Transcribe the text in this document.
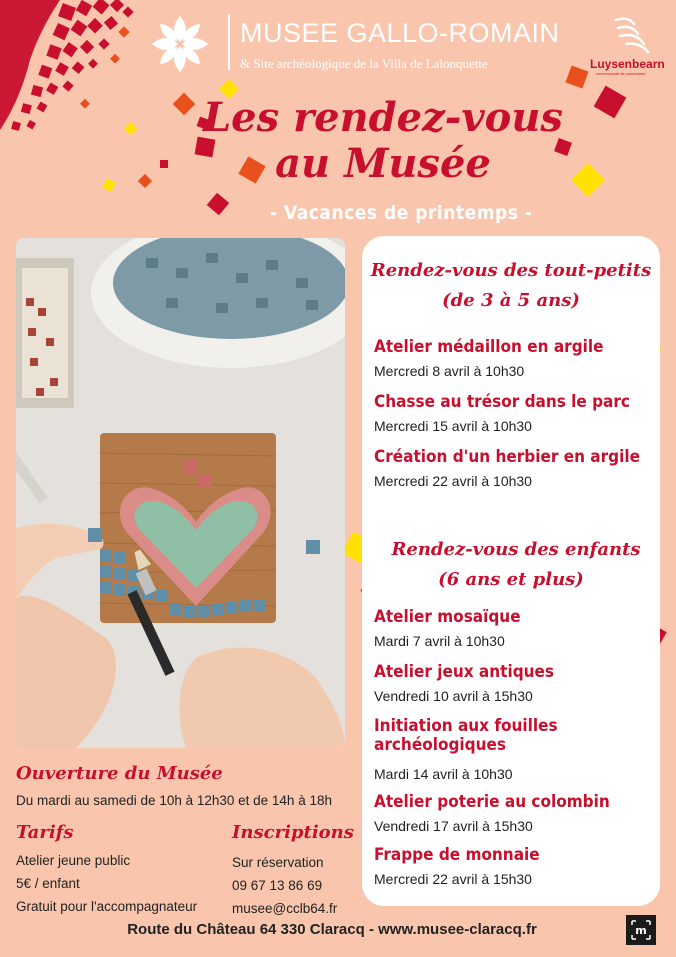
MUSEE GALLO-ROMAIN
& Site archéologique de la Villa de Lalonquette	Luysenbearn
communauté de communes
Les rendez-vous
au Musée
- Vacances de printemps -
Rendez-vous des tout-petits
(de 3 à 5 ans)
Atelier médaillon en argile
Mercredi 8 avril à 10h30
Chasse au trésor dans le parc
Mercredi 15 avril à 10h30
Création d'un herbier en argile
Mercredi 22 avril à 10h30
Rendez-vous des enfants
(6 ans et plus)
Atelier mosaïque
Mardi 7 avril à 10h30
Atelier jeux antiques
Vendredi 10 avril à 15h30
Initiation aux fouilles archéologiques
Mardi 14 avril à 10h30
Atelier poterie au colombin
Vendredi 17 avril à 15h30
Frappe de monnaie
Mercredi 22 avril à 15h30
Ouverture du Musée
Du mardi au samedi de 10h à 12h30 et de 14h à 18h
Tarifs
Atelier jeune public
5€ / enfant
Gratuit pour l'accompagnateur
Inscriptions
Sur réservation
09 67 13 86 69
musee@cclb64.fr
Route du Château 64 330 Claracq - www.musee-claracq.fr	m
